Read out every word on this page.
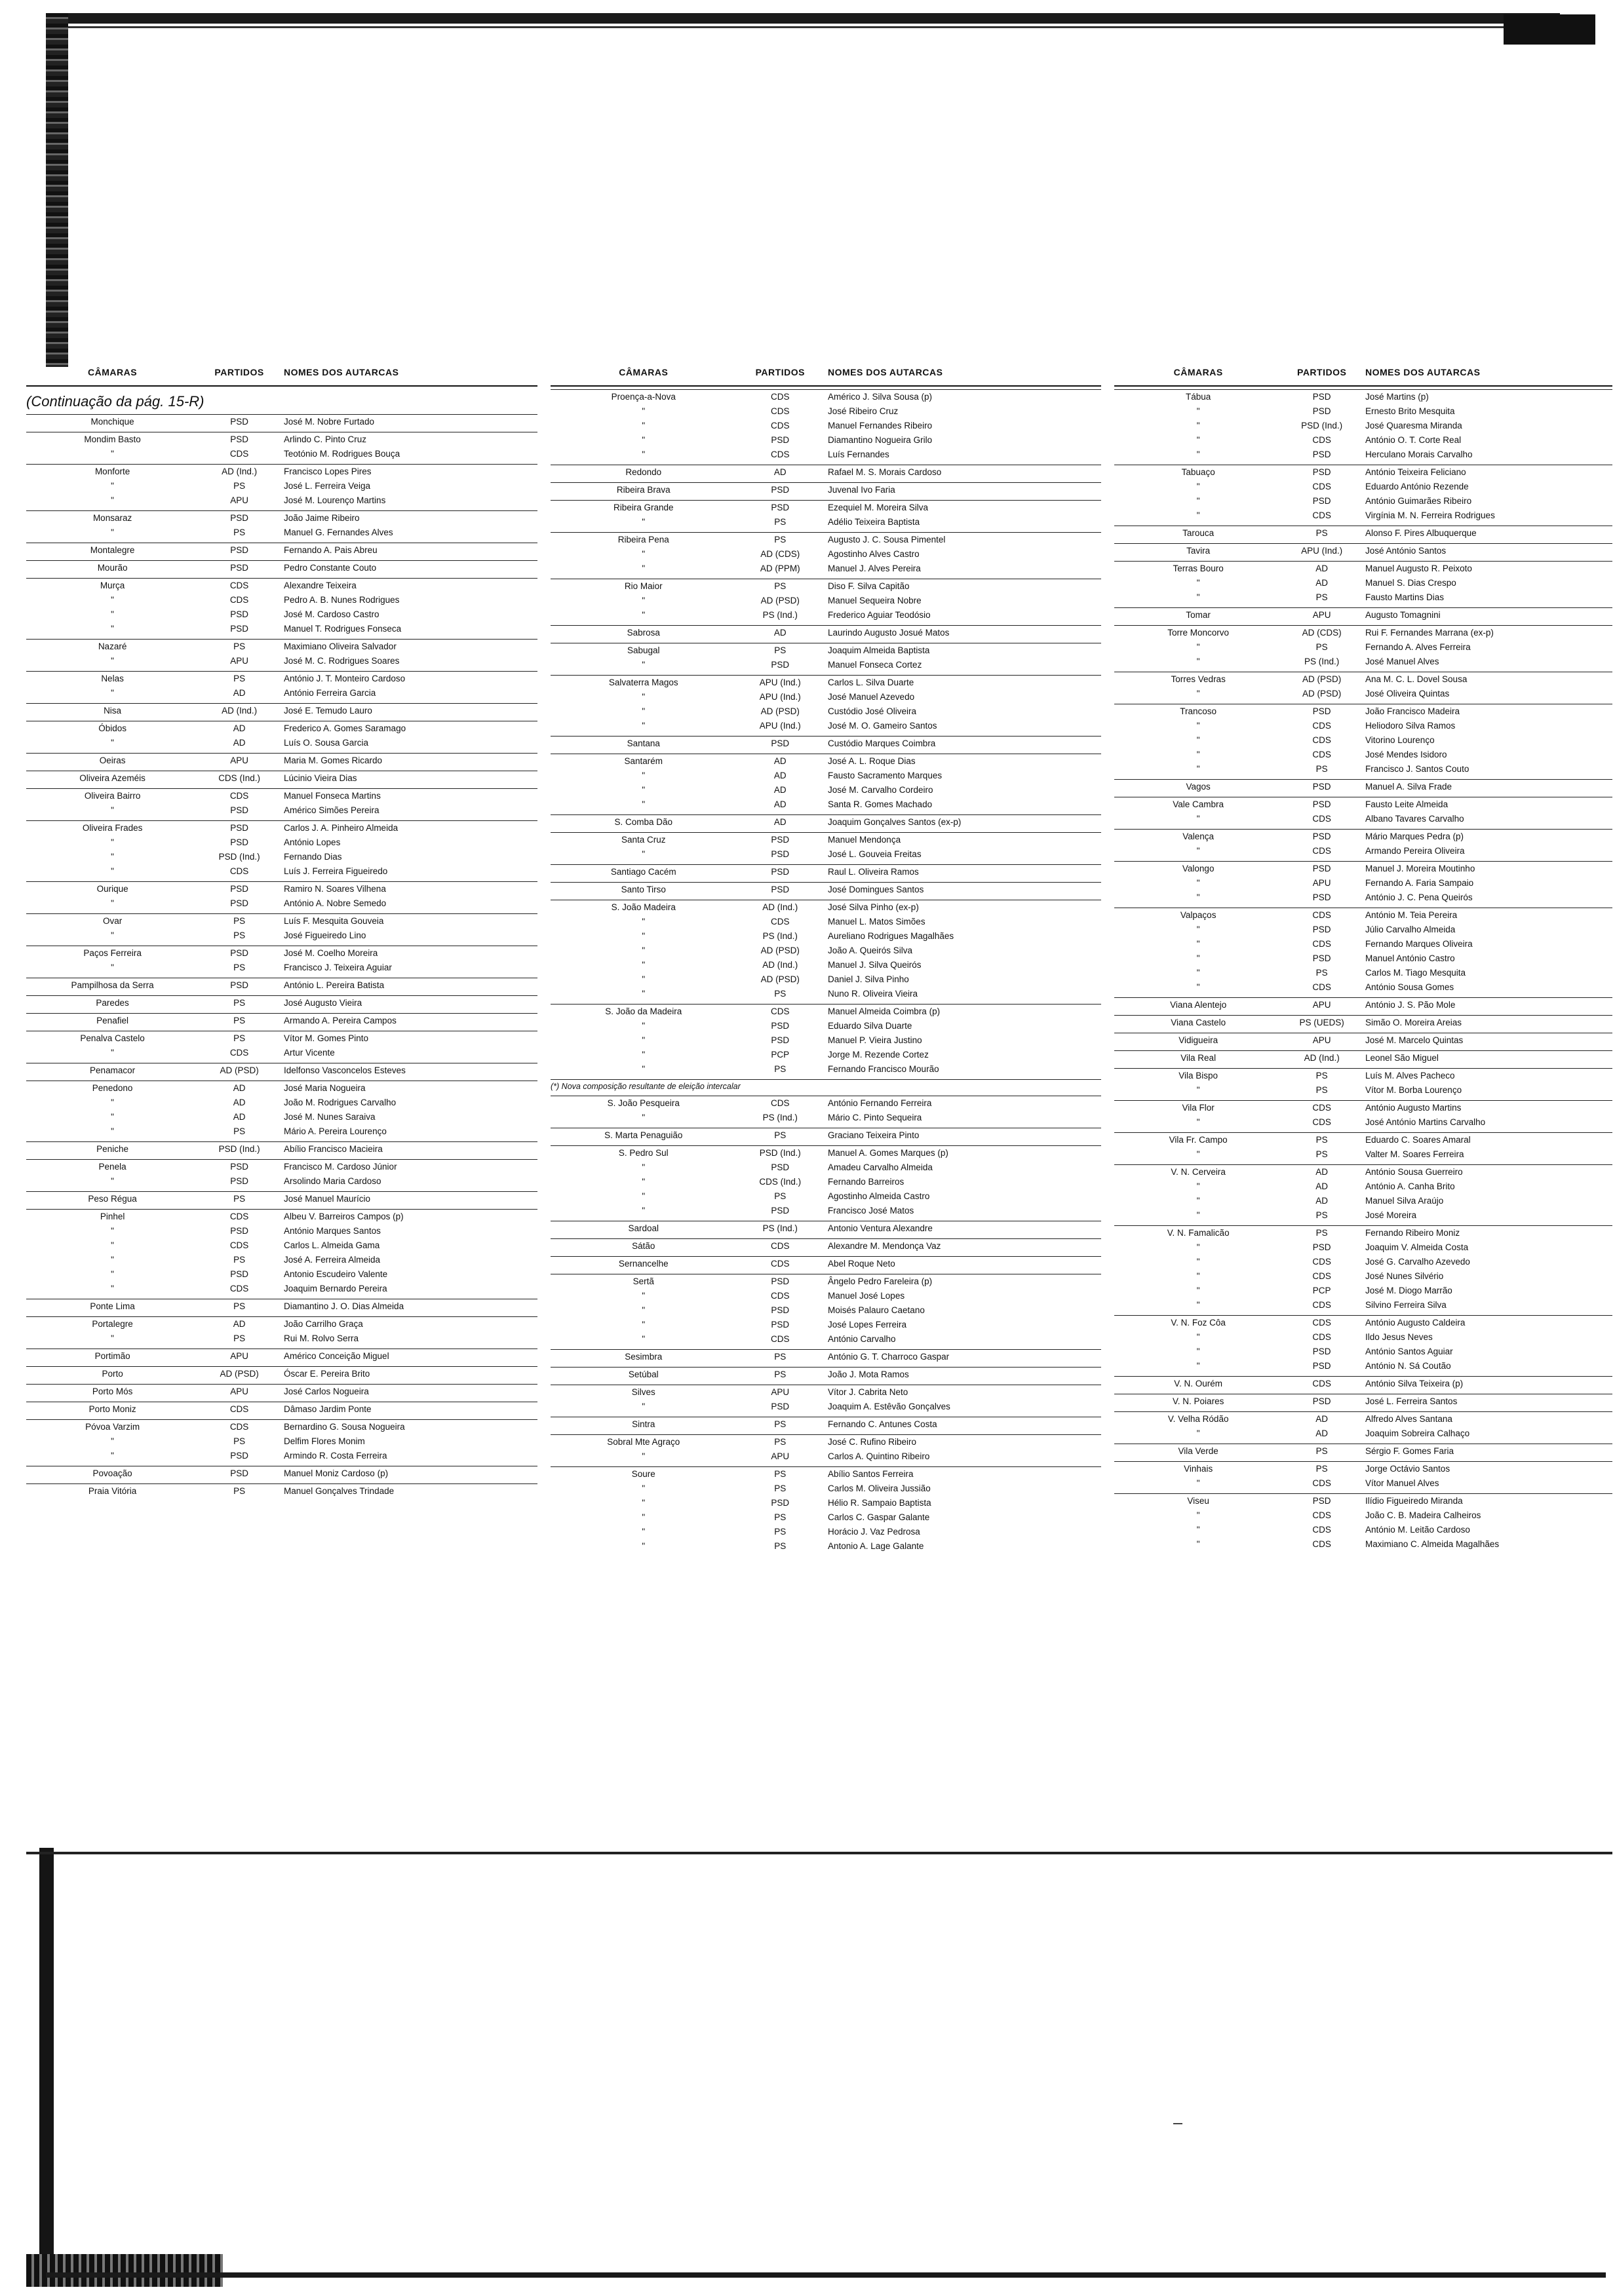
CÂMARAS	PARTIDOS	NOMES DOS AUTARCAS
(Continuação da pág. 15-R)
Monchique	PSD	José M. Nobre Furtado
Mondim Basto	PSD	Arlindo C. Pinto Cruz
"	CDS	Teotónio M. Rodrigues Bouça
Monforte	AD (Ind.)	Francisco Lopes Pires
"	PS	José L. Ferreira Veiga
"	APU	José M. Lourenço Martins
Monsaraz	PSD	João Jaime Ribeiro
"	PS	Manuel G. Fernandes Alves
Montalegre	PSD	Fernando A. Pais Abreu
Mourão	PSD	Pedro Constante Couto
Murça	CDS	Alexandre Teixeira
"	CDS	Pedro A. B. Nunes Rodrigues
"	PSD	José M. Cardoso Castro
"	PSD	Manuel T. Rodrigues Fonseca
Nazaré	PS	Maximiano Oliveira Salvador
"	APU	José M. C. Rodrigues Soares
Nelas	PS	António J. T. Monteiro Cardoso
"	AD	António Ferreira Garcia
Nisa	AD (Ind.)	José E. Temudo Lauro
Óbidos	AD	Frederico A. Gomes Saramago
"	AD	Luís O. Sousa Garcia
Oeiras	APU	Maria M. Gomes Ricardo
Oliveira Azeméis	CDS (Ind.)	Lúcinio Vieira Dias
Oliveira Bairro	CDS	Manuel Fonseca Martins
"	PSD	Américo Simões Pereira
Oliveira Frades	PSD	Carlos J. A. Pinheiro Almeida
"	PSD	António Lopes
"	PSD (Ind.)	Fernando Dias
"	CDS	Luís J. Ferreira Figueiredo
Ourique	PSD	Ramiro N. Soares Vilhena
"	PSD	António A. Nobre Semedo
Ovar	PS	Luís F. Mesquita Gouveia
"	PS	José Figueiredo Lino
Paços Ferreira	PSD	José M. Coelho Moreira
"	PS	Francisco J. Teixeira Aguiar
Pampilhosa da Serra	PSD	António L. Pereira Batista
Paredes	PS	José Augusto Vieira
Penafiel	PS	Armando A. Pereira Campos
Penalva Castelo	PS	Vítor M. Gomes Pinto
"	CDS	Artur Vicente
Penamacor	AD (PSD)	Idelfonso Vasconcelos Esteves
Penedono	AD	José Maria Nogueira
"	AD	João M. Rodrigues Carvalho
"	AD	José M. Nunes Saraiva
"	PS	Mário A. Pereira Lourenço
Peniche	PSD (Ind.)	Abílio Francisco Macieira
Penela	PSD	Francisco M. Cardoso Júnior
"	PSD	Arsolindo Maria Cardoso
Peso Régua	PS	José Manuel Maurício
Pinhel	CDS	Albeu V. Barreiros Campos (p)
"	PSD	António Marques Santos
"	CDS	Carlos L. Almeida Gama
"	PS	José A. Ferreira Almeida
"	PSD	Antonio Escudeiro Valente
"	CDS	Joaquim Bernardo Pereira
Ponte Lima	PS	Diamantino J. O. Dias Almeida
Portalegre	AD	João Carrilho Graça
"	PS	Rui M. Rolvo Serra
Portimão	APU	Américo Conceição Miguel
Porto	AD (PSD)	Óscar E. Pereira Brito
Porto Mós	APU	José Carlos Nogueira
Porto Moniz	CDS	Dâmaso Jardim Ponte
Póvoa Varzim	CDS	Bernardino G. Sousa Nogueira
"	PS	Delfim Flores Monim
"	PSD	Armindo R. Costa Ferreira
Povoação	PSD	Manuel Moniz Cardoso (p)
Praia Vitória	PS	Manuel Gonçalves Trindade
CÂMARAS	PARTIDOS	NOMES DOS AUTARCAS
Proença-a-Nova	CDS	Américo J. Silva Sousa (p)
"	CDS	José Ribeiro Cruz
"	CDS	Manuel Fernandes Ribeiro
"	PSD	Diamantino Nogueira Grilo
"	CDS	Luís Fernandes
Redondo	AD	Rafael M. S. Morais Cardoso
Ribeira Brava	PSD	Juvenal Ivo Faria
Ribeira Grande	PSD	Ezequiel M. Moreira Silva
"	PS	Adélio Teixeira Baptista
Ribeira Pena	PS	Augusto J. C. Sousa Pimentel
"	AD (CDS)	Agostinho Alves Castro
"	AD (PPM)	Manuel J. Alves Pereira
Rio Maior	PS	Diso F. Silva Capitão
"	AD (PSD)	Manuel Sequeira Nobre
"	PS (Ind.)	Frederico Aguiar Teodósio
Sabrosa	AD	Laurindo Augusto Josué Matos
Sabugal	PS	Joaquim Almeida Baptista
"	PSD	Manuel Fonseca Cortez
Salvaterra Magos	APU (Ind.)	Carlos L. Silva Duarte
"	APU (Ind.)	José Manuel Azevedo
"	AD (PSD)	Custódio José Oliveira
"	APU (Ind.)	José M. O. Gameiro Santos
Santana	PSD	Custódio Marques Coimbra
Santarém	AD	José A. L. Roque Dias
"	AD	Fausto Sacramento Marques
"	AD	José M. Carvalho Cordeiro
"	AD	Santa R. Gomes Machado
S. Comba Dão	AD	Joaquim Gonçalves Santos (ex-p)
Santa Cruz	PSD	Manuel Mendonça
"	PSD	José L. Gouveia Freitas
Santiago Cacém	PSD	Raul L. Oliveira Ramos
Santo Tirso	PSD	José Domingues Santos
S. João Madeira	AD (Ind.)	José Silva Pinho (ex-p)
"	CDS	Manuel L. Matos Simões
"	PS (Ind.)	Aureliano Rodrigues Magalhães
"	AD (PSD)	João A. Queirós Silva
"	AD (Ind.)	Manuel J. Silva Queirós
"	AD (PSD)	Daniel J. Silva Pinho
"	PS	Nuno R. Oliveira Vieira
S. João da Madeira	CDS	Manuel Almeida Coimbra (p)
"	PSD	Eduardo Silva Duarte
"	PSD	Manuel P. Vieira Justino
"	PCP	Jorge M. Rezende Cortez
"	PS	Fernando Francisco Mourão
(*) Nova composição resultante de eleição intercalar
S. João Pesqueira	CDS	António Fernando Ferreira
"	PS (Ind.)	Mário C. Pinto Sequeira
S. Marta Penaguião	PS	Graciano Teixeira Pinto
S. Pedro Sul	PSD (Ind.)	Manuel A. Gomes Marques (p)
"	PSD	Amadeu Carvalho Almeida
"	CDS (Ind.)	Fernando Barreiros
"	PS	Agostinho Almeida Castro
"	PSD	Francisco José Matos
Sardoal	PS (Ind.)	Antonio Ventura Alexandre
Sátão	CDS	Alexandre M. Mendonça Vaz
Sernancelhe	CDS	Abel Roque Neto
Sertã	PSD	Ângelo Pedro Fareleira (p)
"	CDS	Manuel José Lopes
"	PSD	Moisés Palauro Caetano
"	PSD	José Lopes Ferreira
"	CDS	António Carvalho
Sesimbra	PS	António G. T. Charroco Gaspar
Setúbal	PS	João J. Mota Ramos
Silves	APU	Vítor J. Cabrita Neto
"	PSD	Joaquim A. Estêvão Gonçalves
Sintra	PS	Fernando C. Antunes Costa
Sobral Mte Agraço	PS	José C. Rufino Ribeiro
"	APU	Carlos A. Quintino Ribeiro
Soure	PS	Abílio Santos Ferreira
"	PS	Carlos M. Oliveira Jussião
"	PSD	Hélio R. Sampaio Baptista
"	PS	Carlos C. Gaspar Galante
"	PS	Horácio J. Vaz Pedrosa
"	PS	Antonio A. Lage Galante
CÂMARAS	PARTIDOS	NOMES DOS AUTARCAS
Tábua	PSD	José Martins (p)
"	PSD	Ernesto Brito Mesquita
"	PSD (Ind.)	José Quaresma Miranda
"	CDS	António O. T. Corte Real
"	PSD	Herculano Morais Carvalho
Tabuaço	PSD	António Teixeira Feliciano
"	CDS	Eduardo António Rezende
"	PSD	António Guimarães Ribeiro
"	CDS	Virgínia M. N. Ferreira Rodrigues
Tarouca	PS	Alonso F. Pires Albuquerque
Tavira	APU (Ind.)	José António Santos
Terras Bouro	AD	Manuel Augusto R. Peixoto
"	AD	Manuel S. Dias Crespo
"	PS	Fausto Martins Dias
Tomar	APU	Augusto Tomagnini
Torre Moncorvo	AD (CDS)	Rui F. Fernandes Marrana (ex-p)
"	PS	Fernando A. Alves Ferreira
"	PS (Ind.)	José Manuel Alves
Torres Vedras	AD (PSD)	Ana M. C. L. Dovel Sousa
"	AD (PSD)	José Oliveira Quintas
Trancoso	PSD	João Francisco Madeira
"	CDS	Heliodoro Silva Ramos
"	CDS	Vitorino Lourenço
"	CDS	José Mendes Isidoro
"	PS	Francisco J. Santos Couto
Vagos	PSD	Manuel A. Silva Frade
Vale Cambra	PSD	Fausto Leite Almeida
"	CDS	Albano Tavares Carvalho
Valença	PSD	Mário Marques Pedra (p)
"	CDS	Armando Pereira Oliveira
Valongo	PSD	Manuel J. Moreira Moutinho
"	APU	Fernando A. Faria Sampaio
"	PSD	António J. C. Pena Queirós
Valpaços	CDS	António M. Teia Pereira
"	PSD	Júlio Carvalho Almeida
"	CDS	Fernando Marques Oliveira
"	PSD	Manuel António Castro
"	PS	Carlos M. Tiago Mesquita
"	CDS	António Sousa Gomes
Viana Alentejo	APU	António J. S. Pão Mole
Viana Castelo	PS (UEDS)	Simão O. Moreira Areias
Vidigueira	APU	José M. Marcelo Quintas
Vila Real	AD (Ind.)	Leonel São Miguel
Vila Bispo	PS	Luís M. Alves Pacheco
"	PS	Vítor M. Borba Lourenço
Vila Flor	CDS	António Augusto Martins
"	CDS	José António Martins Carvalho
Vila Fr. Campo	PS	Eduardo C. Soares Amaral
"	PS	Valter M. Soares Ferreira
V. N. Cerveira	AD	António Sousa Guerreiro
"	AD	António A. Canha Brito
"	AD	Manuel Silva Araújo
"	PS	José Moreira
V. N. Famalicão	PS	Fernando Ribeiro Moniz
"	PSD	Joaquim V. Almeida Costa
"	CDS	José G. Carvalho Azevedo
"	CDS	José Nunes Silvério
"	PCP	José M. Diogo Marrão
"	CDS	Silvino Ferreira Silva
V. N. Foz Côa	CDS	António Augusto Caldeira
"	CDS	Ildo Jesus Neves
"	PSD	António Santos Aguiar
"	PSD	António N. Sá Coutão
V. N. Ourém	CDS	António Silva Teixeira (p)
V. N. Poiares	PSD	José L. Ferreira Santos
V. Velha Ródão	AD	Alfredo Alves Santana
"	AD	Joaquim Sobreira Calhaço
Vila Verde	PS	Sérgio F. Gomes Faria
Vinhais	PS	Jorge Octávio Santos
"	CDS	Vítor Manuel Alves
Viseu	PSD	Ilídio Figueiredo Miranda
"	CDS	João C. B. Madeira Calheiros
"	CDS	António M. Leitão Cardoso
"	CDS	Maximiano C. Almeida Magalhães
